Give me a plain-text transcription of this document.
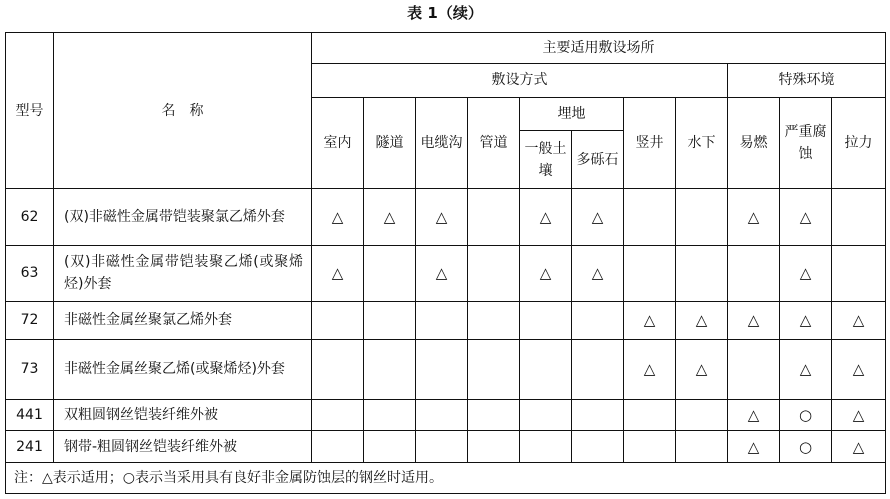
表 1（续）
型号	名　称	主要适用敷设场所										
		敷设方式								特殊环境		
		室内	隧道	电缆沟	管道	埋地		竖井	水下	易燃	严重腐蚀	拉力
						一般土壤	多砾石					
62	(双)非磁性金属带铠装聚氯乙烯外套	△	△	△		△	△			△	△	
63	(双)非磁性金属带铠装聚乙烯(或聚烯烃)外套	△		△		△	△				△	
72	非磁性金属丝聚氯乙烯外套							△	△	△	△	△
73	非磁性金属丝聚乙烯(或聚烯烃)外套							△	△		△	△
441	双粗圆钢丝铠装纤维外被									△	○	△
241	钢带-粗圆钢丝铠装纤维外被									△	○	△
注：△表示适用；○表示当采用具有良好非金属防蚀层的钢丝时适用。												
